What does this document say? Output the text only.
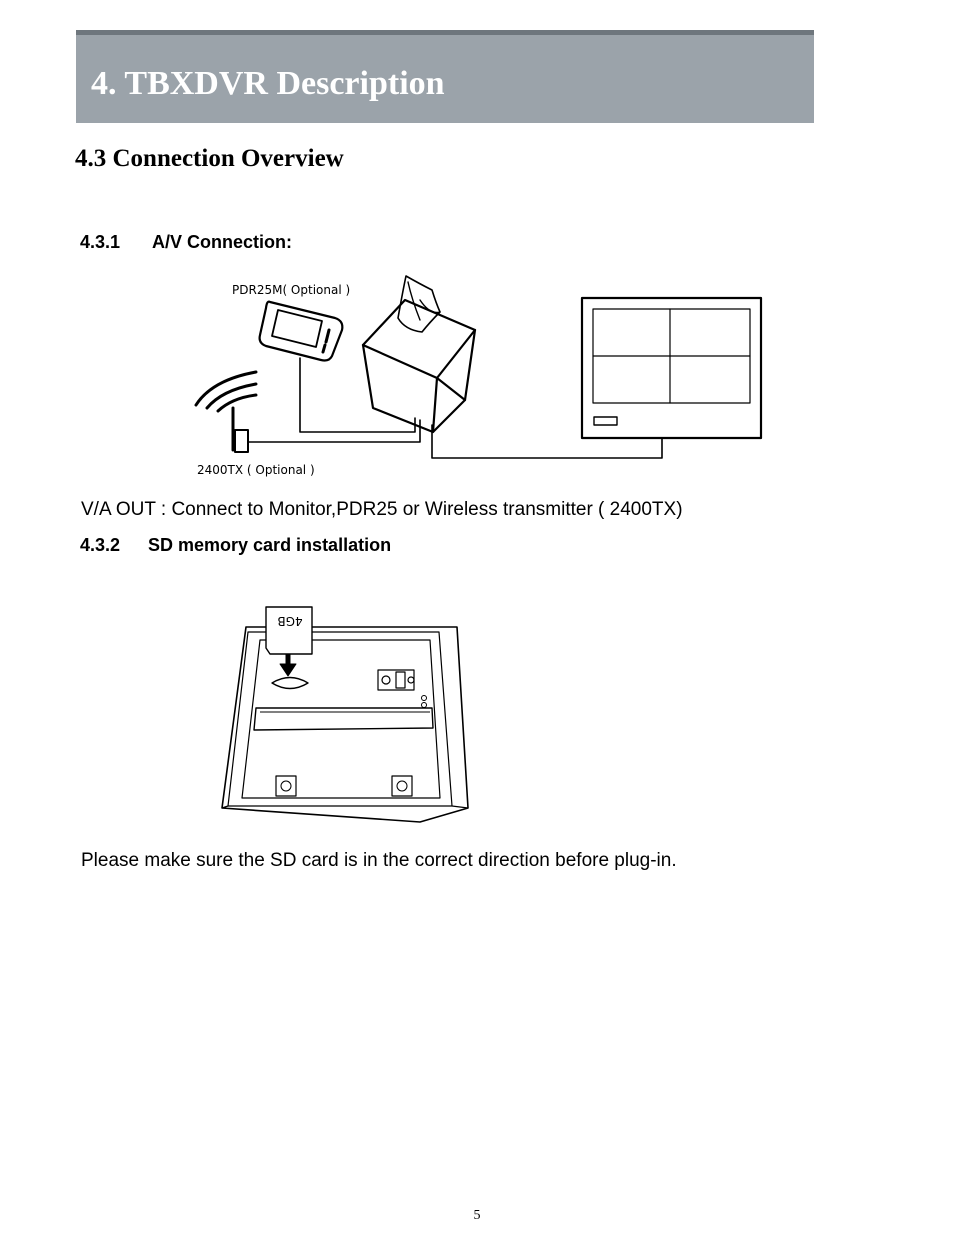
4. TBXDVR Description
4.3 Connection Overview
4.3.1 A/V Connection:
PDR25M( Optional )
2400TX ( Optional )
V/A OUT : Connect to Monitor,PDR25 or Wireless transmitter ( 2400TX)
4.3.2 SD memory card installation
4GB
Please make sure the SD card is in the correct direction before plug-in.
5
